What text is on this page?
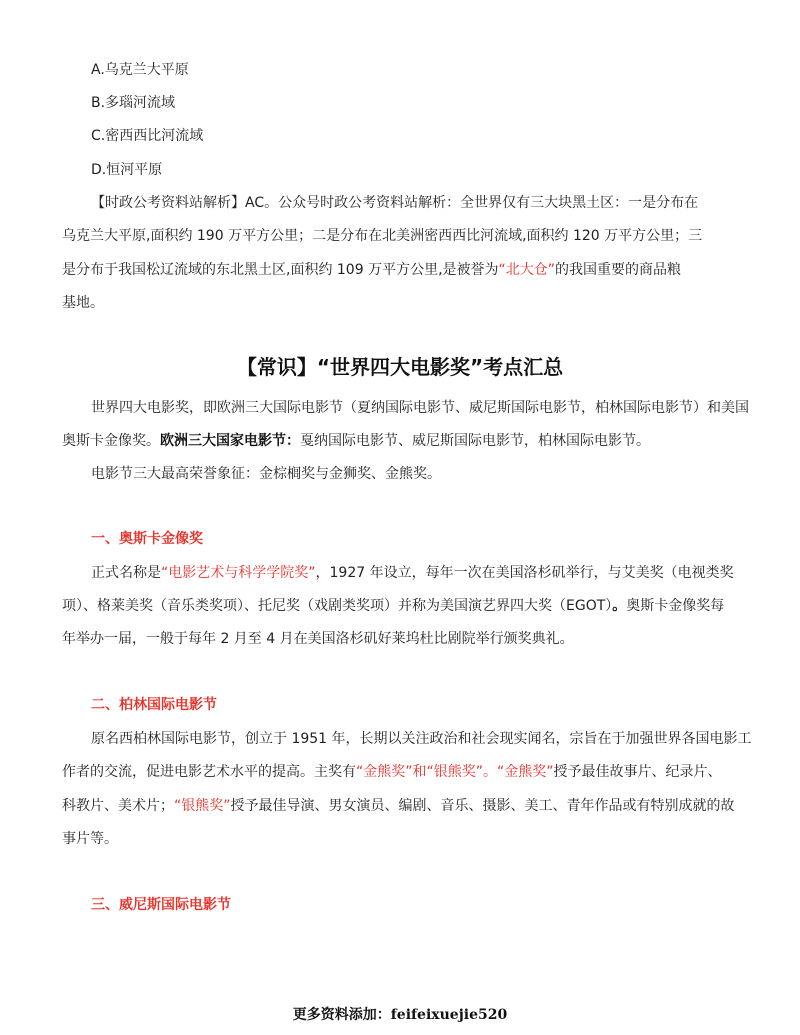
A.乌克兰大平原
B.多瑙河流域
C.密西西比河流域
D.恒河平原
【时政公考资料站解析】AC。公众号时政公考资料站解析：全世界仅有三大块黑土区：一是分布在
乌克兰大平原,面积约 190 万平方公里；二是分布在北美洲密西西比河流域,面积约 120 万平方公里；三
是分布于我国松辽流域的东北黑土区,面积约 109 万平方公里,是被誉为“北大仓”的我国重要的商品粮
基地。
【常识】“世界四大电影奖”考点汇总
世界四大电影奖，即欧洲三大国际电影节（夏纳国际电影节、威尼斯国际电影节，柏林国际电影节）和美国
奥斯卡金像奖。欧洲三大国家电影节：戛纳国际电影节、威尼斯国际电影节，柏林国际电影节。
电影节三大最高荣誉象征：金棕榈奖与金狮奖、金熊奖。
一、奥斯卡金像奖
正式名称是“电影艺术与科学学院奖”，1927 年设立，每年一次在美国洛杉矶举行，与艾美奖（电视类奖
项）、格莱美奖（音乐类奖项）、托尼奖（戏剧类奖项）并称为美国演艺界四大奖（EGOT）。奥斯卡金像奖每
年举办一届，一般于每年 2 月至 4 月在美国洛杉矶好莱坞杜比剧院举行颁奖典礼。
二、柏林国际电影节
原名西柏林国际电影节，创立于 1951 年，长期以关注政治和社会现实闻名，宗旨在于加强世界各国电影工
作者的交流，促进电影艺术水平的提高。主奖有“金熊奖”和“银熊奖”。“金熊奖”授予最佳故事片、纪录片、
科教片、美术片；“银熊奖”授予最佳导演、男女演员、编剧、音乐、摄影、美工、青年作品或有特别成就的故
事片等。
三、威尼斯国际电影节
更多资料添加：feifeixuejie520
